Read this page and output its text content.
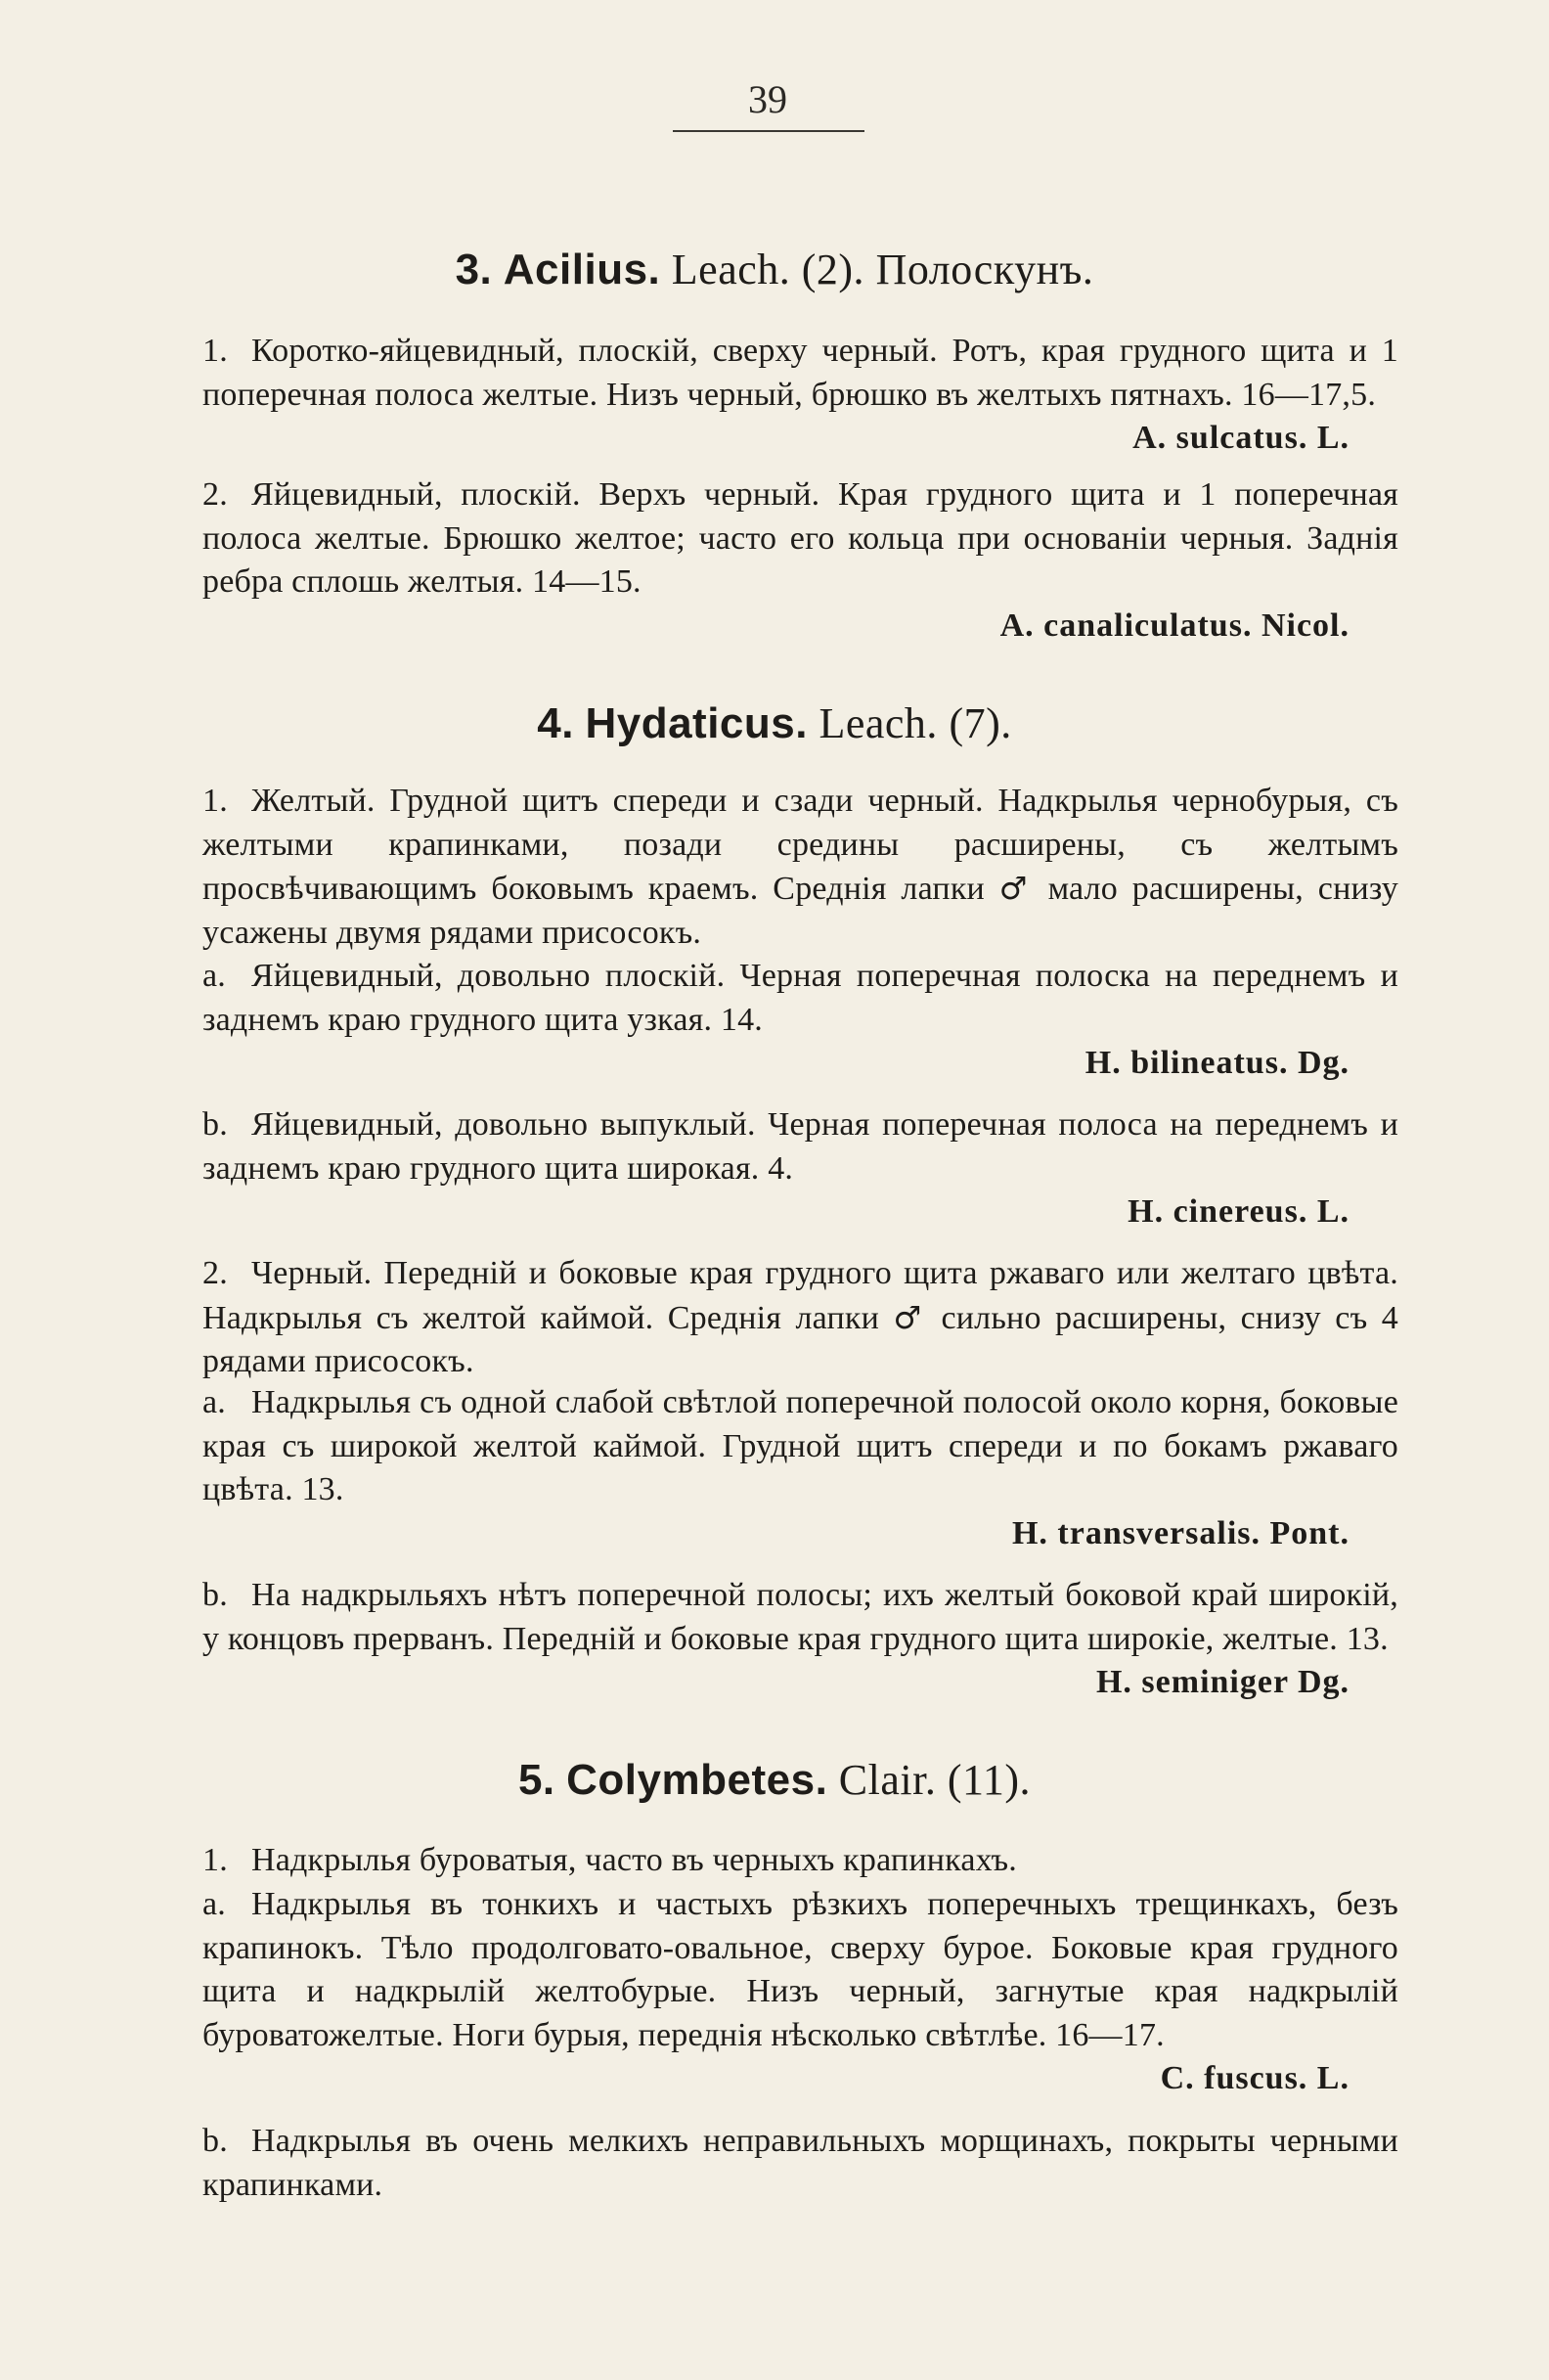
39
3. Acilius. Leach. (2). Полоскунъ.
1. Коротко-яйцевидный, плоскій, сверху черный. Ротъ, края грудного щита и 1 поперечная полоса желтые. Низъ черный, брюшко въ желтыхъ пятнахъ. 16—17,5.
A. sulcatus. L.
2. Яйцевидный, плоскій. Верхъ черный. Края грудного щита и 1 поперечная полоса желтые. Брюшко желтое; часто его кольца при основаніи черныя. Заднія ребра сплошь желтыя. 14—15.
A. canaliculatus. Nicol.
4. Hydaticus. Leach. (7).
1. Желтый. Грудной щитъ спереди и сзади черный. Надкрылья чернобурыя, съ желтыми крапинками, позади средины расширены, съ желтымъ просвѣчивающимъ боковымъ краемъ. Среднія лапки ♂ мало расширены, снизу усажены двумя рядами присосокъ.
a. Яйцевидный, довольно плоскій. Черная поперечная полоска на переднемъ и заднемъ краю грудного щита узкая. 14.
H. bilineatus. Dg.
b. Яйцевидный, довольно выпуклый. Черная поперечная полоса на переднемъ и заднемъ краю грудного щита широкая. 4.
H. cinereus. L.
2. Черный. Передній и боковые края грудного щита ржаваго или желтаго цвѣта. Надкрылья съ желтой каймой. Среднія лапки ♂ сильно расширены, снизу съ 4 рядами присосокъ.
a. Надкрылья съ одной слабой свѣтлой поперечной полосой около корня, боковые края съ широкой желтой каймой. Грудной щитъ спереди и по бокамъ ржаваго цвѣта. 13.
H. transversalis. Pont.
b. На надкрыльяхъ нѣтъ поперечной полосы; ихъ желтый боковой край широкій, у концовъ прерванъ. Передній и боковые края грудного щита широкіе, желтые. 13.
H. seminiger Dg.
5. Colymbetes. Clair. (11).
1. Надкрылья буроватыя, часто въ черныхъ крапинкахъ.
a. Надкрылья въ тонкихъ и частыхъ рѣзкихъ поперечныхъ трещинкахъ, безъ крапинокъ. Тѣло продолговато-овальное, сверху бурое. Боковые края грудного щита и надкрылій желтобурые. Низъ черный, загнутые края надкрылій буроватожелтые. Ноги бурыя, переднія нѣсколько свѣтлѣе. 16—17.
C. fuscus. L.
b. Надкрылья въ очень мелкихъ неправильныхъ морщинахъ, покрыты черными крапинками.
